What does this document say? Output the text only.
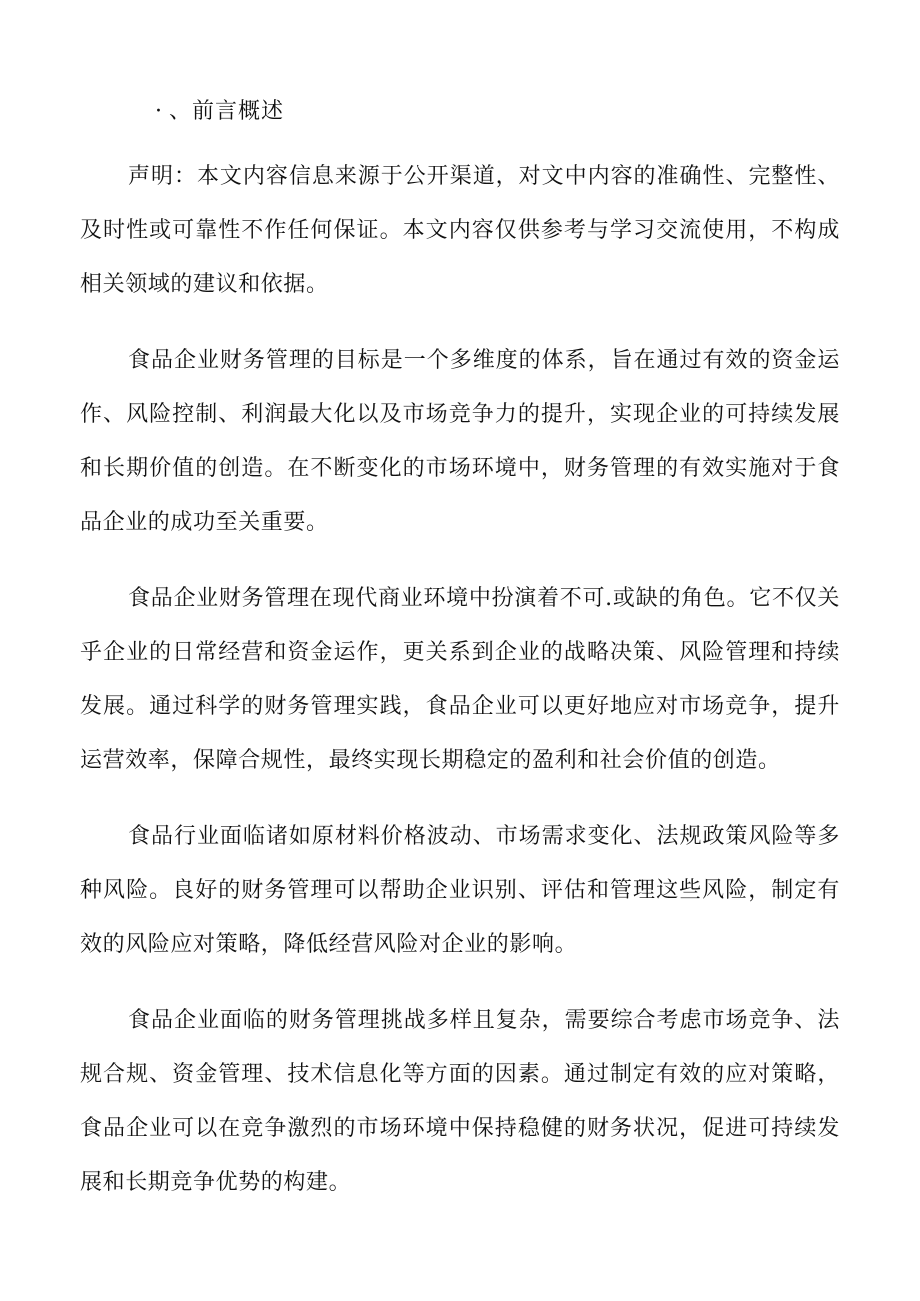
· 、前言概述

声明：本文内容信息来源于公开渠道，对文中内容的准确性、完整性、及时性或可靠性不作任何保证。本文内容仅供参考与学习交流使用，不构成相关领域的建议和依据。

食品企业财务管理的目标是一个多维度的体系，旨在通过有效的资金运作、风险控制、利润最大化以及市场竞争力的提升，实现企业的可持续发展和长期价值的创造。在不断变化的市场环境中，财务管理的有效实施对于食品企业的成功至关重要。

食品企业财务管理在现代商业环境中扮演着不可.或缺的角色。它不仅关乎企业的日常经营和资金运作，更关系到企业的战略决策、风险管理和持续发展。通过科学的财务管理实践，食品企业可以更好地应对市场竞争，提升运营效率，保障合规性，最终实现长期稳定的盈利和社会价值的创造。

食品行业面临诸如原材料价格波动、市场需求变化、法规政策风险等多种风险。良好的财务管理可以帮助企业识别、评估和管理这些风险，制定有效的风险应对策略，降低经营风险对企业的影响。

食品企业面临的财务管理挑战多样且复杂，需要综合考虑市场竞争、法规合规、资金管理、技术信息化等方面的因素。通过制定有效的应对策略，食品企业可以在竞争激烈的市场环境中保持稳健的财务状况，促进可持续发展和长期竞争优势的构建。
